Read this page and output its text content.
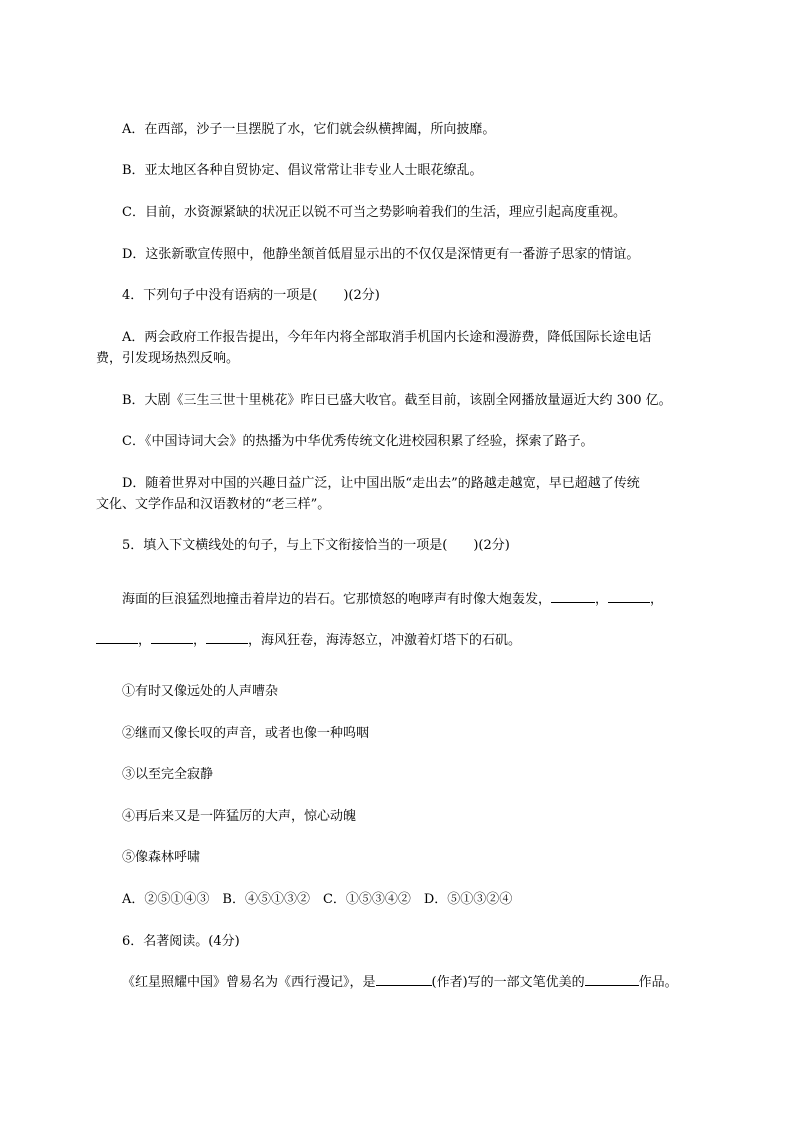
A．在西部，沙子一旦摆脱了水，它们就会纵横捭阖，所向披靡。
B．亚太地区各种自贸协定、倡议常常让非专业人士眼花缭乱。
C．目前，水资源紧缺的状况正以锐不可当之势影响着我们的生活，理应引起高度重视。
D．这张新歌宣传照中，他静坐颔首低眉显示出的不仅仅是深情更有一番游子思家的情谊。
4．下列句子中没有语病的一项是(　　)(2分)
A．两会政府工作报告提出，今年年内将全部取消手机国内长途和漫游费，降低国际长途电话
费，引发现场热烈反响。
B．大剧《三生三世十里桃花》昨日已盛大收官。截至目前，该剧全网播放量逼近大约 300 亿。
C．《中国诗词大会》的热播为中华优秀传统文化进校园积累了经验，探索了路子。
D．随着世界对中国的兴趣日益广泛，让中国出版“走出去”的路越走越宽，早已超越了传统
文化、文学作品和汉语教材的“老三样”。
5．填入下文横线处的句子，与上下文衔接恰当的一项是(　　)(2分)
海面的巨浪猛烈地撞击着岸边的岩石。它那愤怒的咆哮声有时像大炮轰发，	，	，
，	，	，海风狂卷，海涛怒立，冲激着灯塔下的石矶。
①有时又像远处的人声嘈杂
②继而又像长叹的声音，或者也像一种呜咽
③以至完全寂静
④再后来又是一阵猛厉的大声，惊心动魄
⑤像森林呼啸
A．②⑤①④③　B．④⑤①③②　C．①⑤③④②　D．⑤①③②④
6．名著阅读。(4分)
《红星照耀中国》曾易名为《西行漫记》，是	(作者)写的一部文笔优美的	作品。
